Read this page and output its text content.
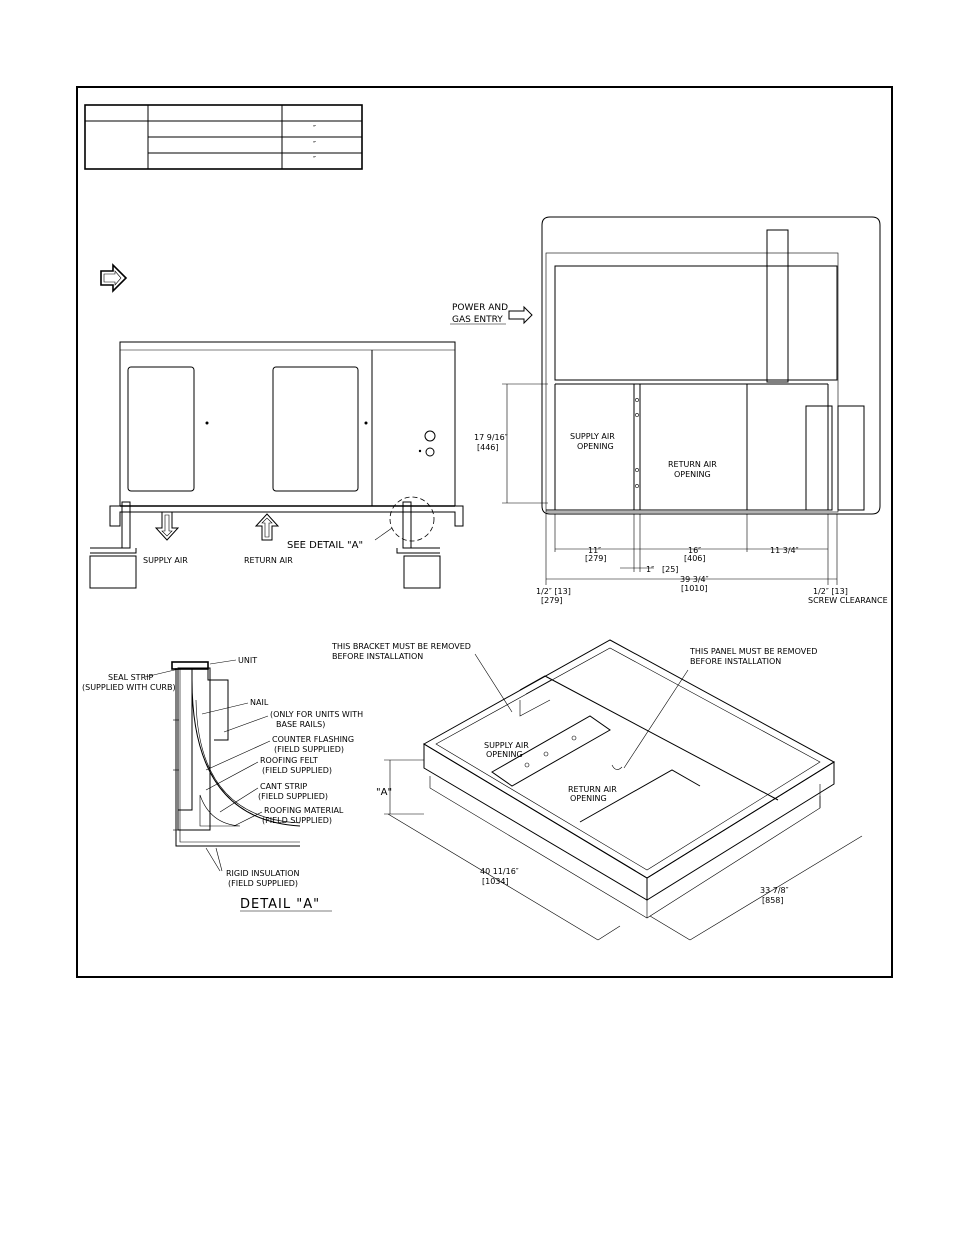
″
″
″
SUPPLY AIR	RETURN AIR
SEE DETAIL "A"
POWER AND
GAS ENTRY
SUPPLY AIR
OPENING
RETURN AIR
OPENING
17 9/16″
[446]
11″
[279]
16″
[406]
11 3/4″
1″ [25]
39 3/4″
[1010]
1/2″ [13]
[279]
1/2″ [13]
SCREW CLEARANCE
UNIT
SEAL STRIP
(SUPPLIED WITH CURB)
NAIL
(ONLY FOR UNITS WITH
BASE RAILS)
COUNTER FLASHING
(FIELD SUPPLIED)
ROOFING FELT
(FIELD SUPPLIED)
CANT STRIP
(FIELD SUPPLIED)
ROOFING MATERIAL
(FIELD SUPPLIED)
RIGID INSULATION
(FIELD SUPPLIED)
DETAIL "A"
THIS BRACKET MUST BE REMOVED
BEFORE INSTALLATION
THIS PANEL MUST BE REMOVED
BEFORE INSTALLATION
SUPPLY AIR
OPENING
RETURN AIR
OPENING
"A"
40 11/16″
[1034]
33 7/8″
[858]
